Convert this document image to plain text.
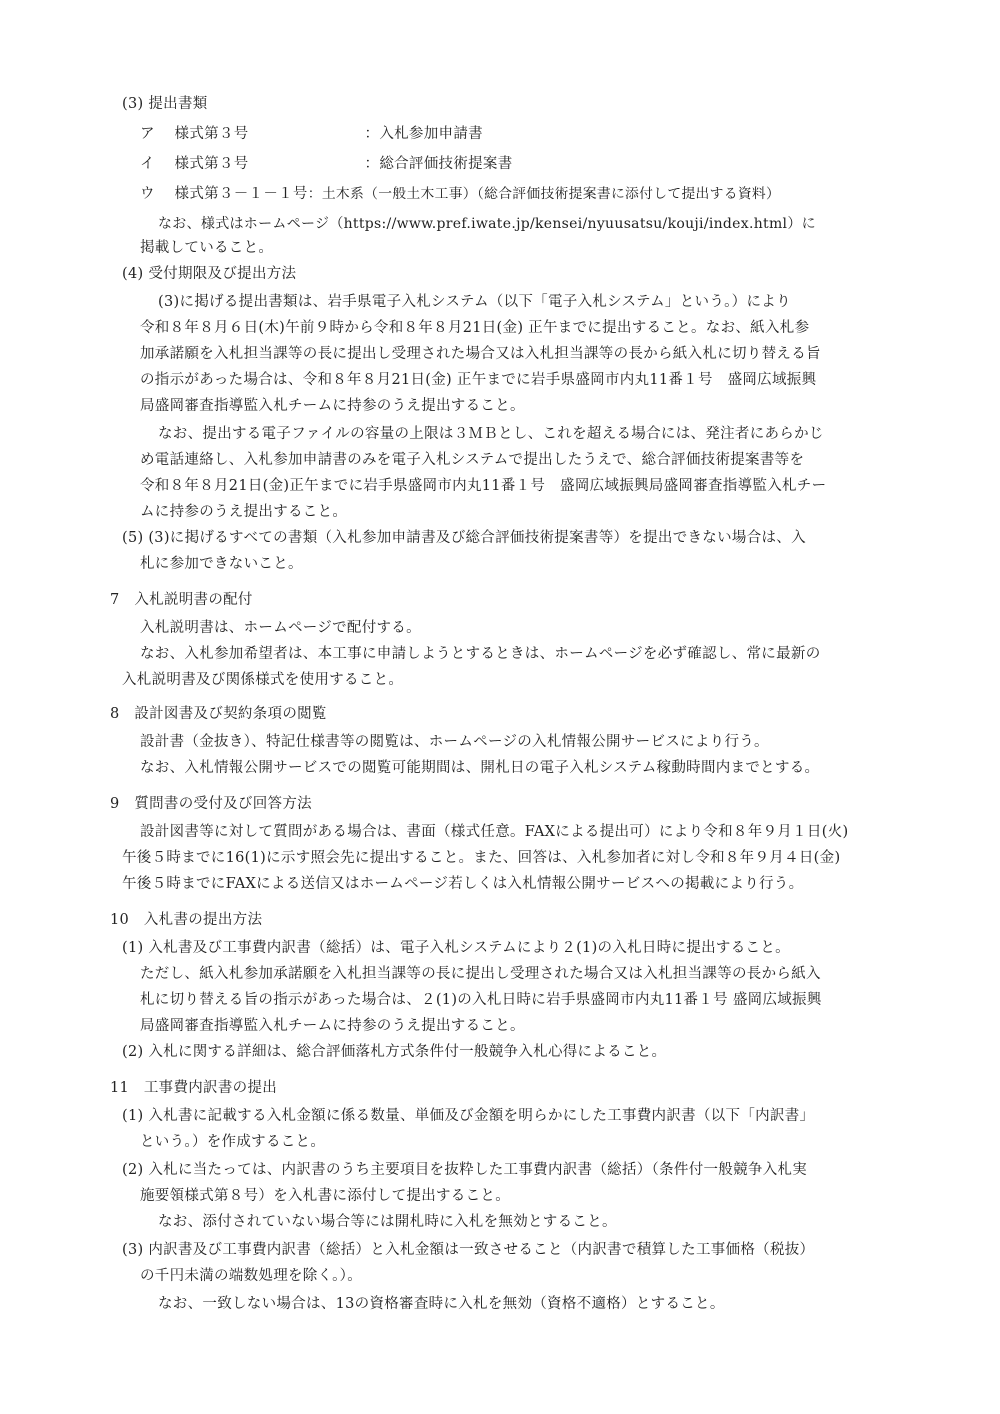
(3) 提出書類
ア　 様式第３号	：入札参加申請書
イ　 様式第３号	：総合評価技術提案書
ウ　 様式第３－１－１号：土木系（一般土木工事）（総合評価技術提案書に添付して提出する資料）
なお、様式はホームページ（https://www.pref.iwate.jp/kensei/nyuusatsu/kouji/index.html）に
掲載していること。
(4) 受付期限及び提出方法
(3)に掲げる提出書類は、岩手県電子入札システム（以下「電子入札システム」という。）により
令和８年８月６日(木)午前９時から令和８年８月21日(金) 正午までに提出すること。なお、紙入札参
加承諾願を入札担当課等の長に提出し受理された場合又は入札担当課等の長から紙入札に切り替える旨
の指示があった場合は、令和８年８月21日(金) 正午までに岩手県盛岡市内丸11番１号　盛岡広域振興
局盛岡審査指導監入札チームに持参のうえ提出すること。
なお、提出する電子ファイルの容量の上限は３ＭＢとし、これを超える場合には、発注者にあらかじ
め電話連絡し、入札参加申請書のみを電子入札システムで提出したうえで、総合評価技術提案書等を
令和８年８月21日(金)正午までに岩手県盛岡市内丸11番１号　盛岡広域振興局盛岡審査指導監入札チー
ムに持参のうえ提出すること。
(5) (3)に掲げるすべての書類（入札参加申請書及び総合評価技術提案書等）を提出できない場合は、入
札に参加できないこと。
7　入札説明書の配付
入札説明書は、ホームページで配付する。
なお、入札参加希望者は、本工事に申請しようとするときは、ホームページを必ず確認し、常に最新の
入札説明書及び関係様式を使用すること。
8　設計図書及び契約条項の閲覧
設計書（金抜き）、特記仕様書等の閲覧は、ホームページの入札情報公開サービスにより行う。
なお、入札情報公開サービスでの閲覧可能期間は、開札日の電子入札システム稼動時間内までとする。
9　質問書の受付及び回答方法
設計図書等に対して質問がある場合は、書面（様式任意。FAXによる提出可）により令和８年９月１日(火)
午後５時までに16(1)に示す照会先に提出すること。また、回答は、入札参加者に対し令和８年９月４日(金)
午後５時までにFAXによる送信又はホームページ若しくは入札情報公開サービスへの掲載により行う。
10　入札書の提出方法
(1) 入札書及び工事費内訳書（総括）は、電子入札システムにより２(1)の入札日時に提出すること。
ただし、紙入札参加承諾願を入札担当課等の長に提出し受理された場合又は入札担当課等の長から紙入
札に切り替える旨の指示があった場合は、２(1)の入札日時に岩手県盛岡市内丸11番１号 盛岡広域振興
局盛岡審査指導監入札チームに持参のうえ提出すること。
(2) 入札に関する詳細は、総合評価落札方式条件付一般競争入札心得によること。
11　工事費内訳書の提出
(1) 入札書に記載する入札金額に係る数量、単価及び金額を明らかにした工事費内訳書（以下「内訳書」
という。）を作成すること。
(2) 入札に当たっては、内訳書のうち主要項目を抜粋した工事費内訳書（総括）（条件付一般競争入札実
施要領様式第８号）を入札書に添付して提出すること。
なお、添付されていない場合等には開札時に入札を無効とすること。
(3) 内訳書及び工事費内訳書（総括）と入札金額は一致させること（内訳書で積算した工事価格（税抜）
の千円未満の端数処理を除く。）。
なお、一致しない場合は、13の資格審査時に入札を無効（資格不適格）とすること。
